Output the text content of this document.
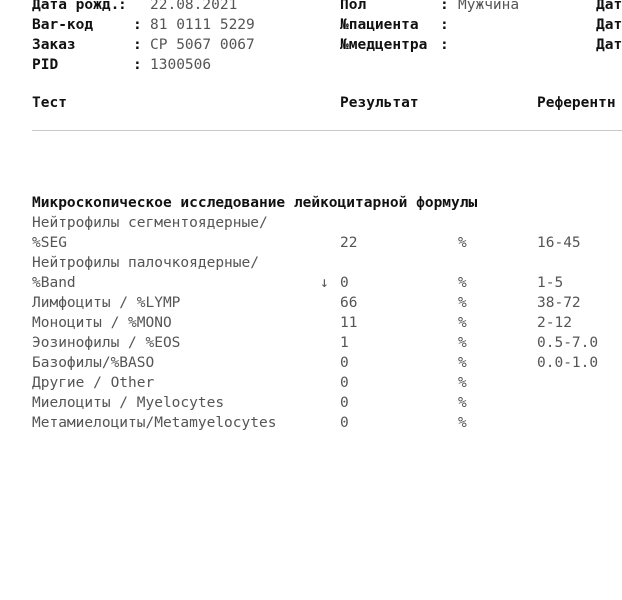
Дата рожд.
: 22.08.2021
Bar-код	: 81 0111 5229
Заказ	: CP 5067 0067
PID	: 1300506
Пол	: Мужчина
№пациента :
№медцентра :
Дат
Дат
Дат
Тест	Результат	Референтн
Микроскопическое исследование лейкоцитарной формулы
Нейтрофилы сегментоядерные/
%SEG	22	%	16-45
Нейтрофилы палочкоядерные/
%Band	↓ 0	%	1-5
Лимфоциты / %LYMP	66	%	38-72
Моноциты / %MONO	11	%	2-12
Эозинофилы / %EOS	1	%	0.5-7.0
Базофилы/%BASO	0	%	0.0-1.0
Другие / Other	0	%
Миелоциты / Myelocytes	0	%
Метамиелоциты/Metamyelocytes	0	%
